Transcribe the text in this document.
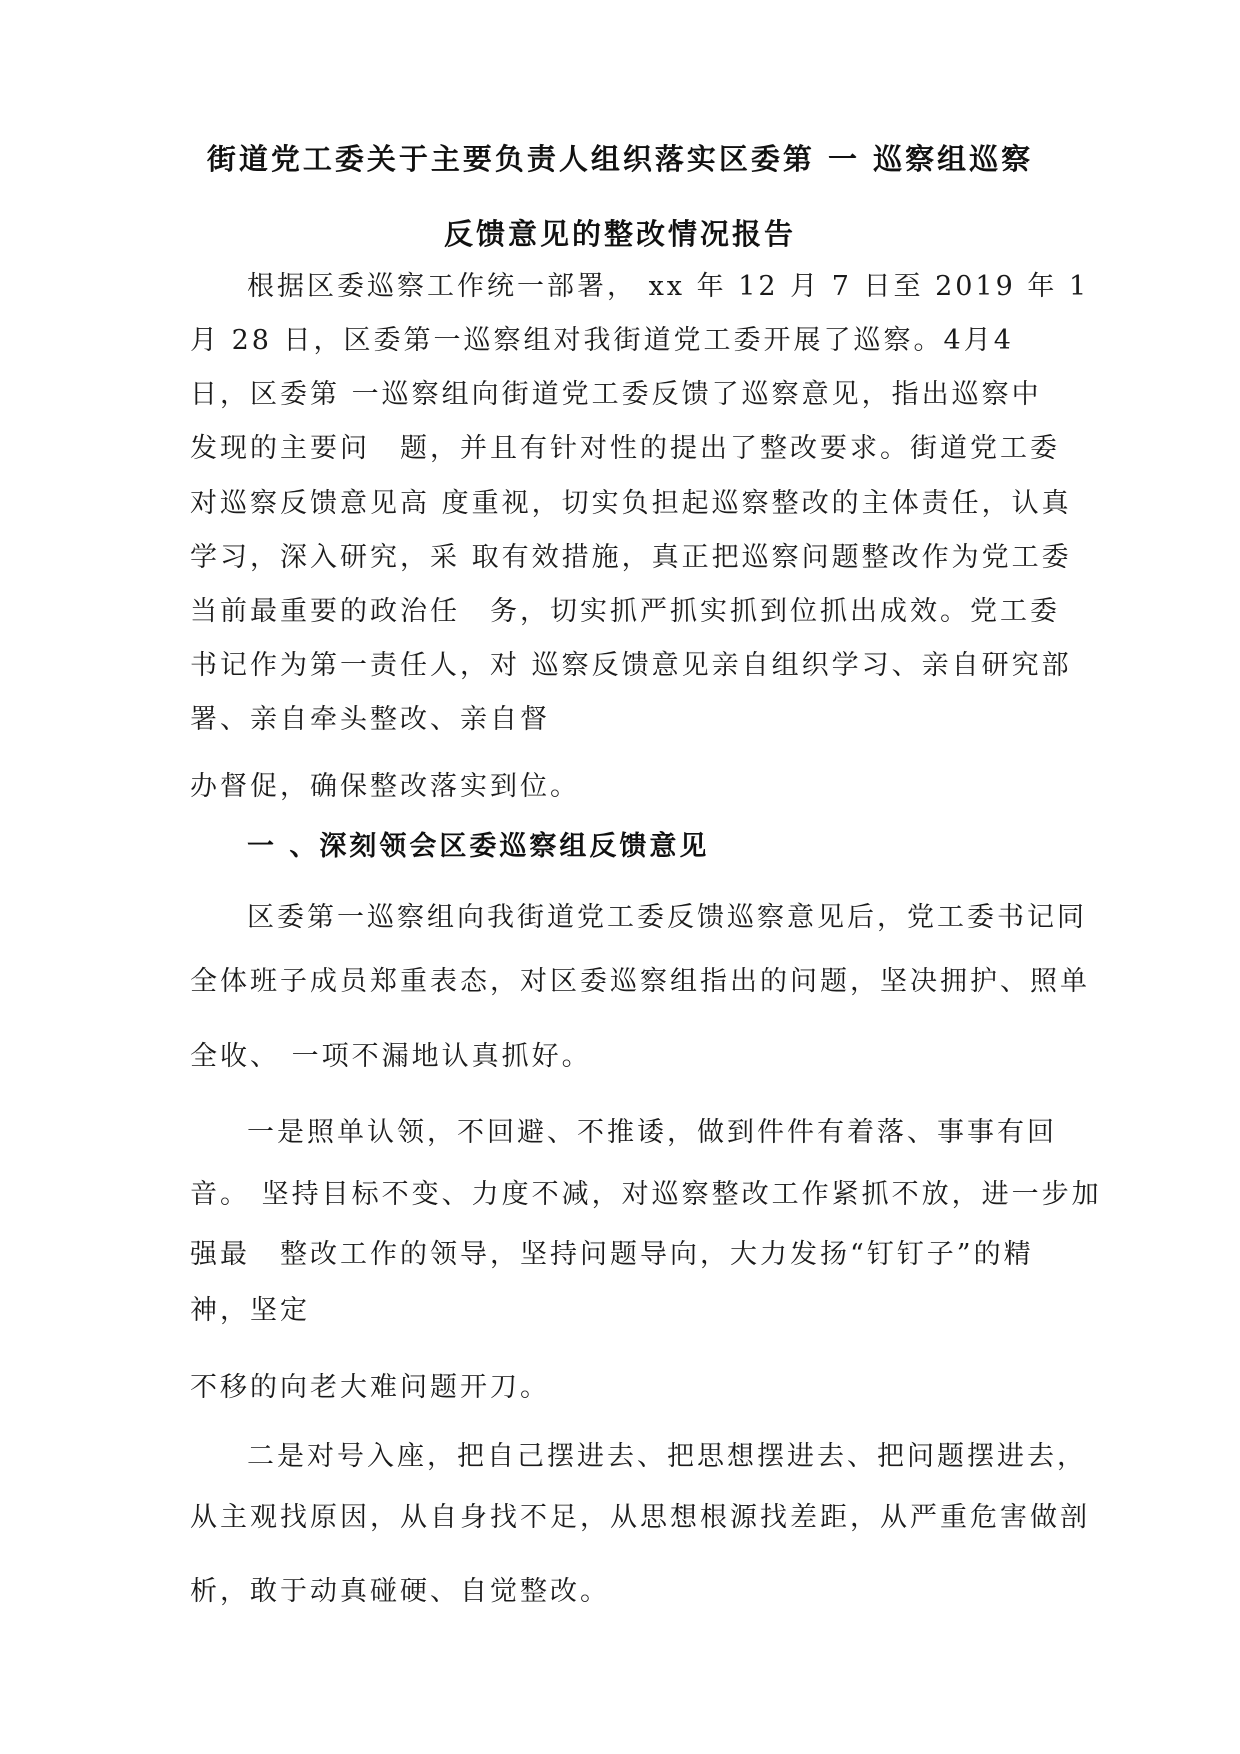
街道党工委关于主要负责人组织落实区委第 一 巡察组巡察
反馈意见的整改情况报告
根据区委巡察工作统一部署， xx 年 12 月 7 日至 2019 年 1
月 28 日，区委第一巡察组对我街道党工委开展了巡察。4月4
日，区委第 一巡察组向街道党工委反馈了巡察意见，指出巡察中
发现的主要问　题，并且有针对性的提出了整改要求。街道党工委
对巡察反馈意见高 度重视，切实负担起巡察整改的主体责任，认真
学习，深入研究，采 取有效措施，真正把巡察问题整改作为党工委
当前最重要的政治任　务，切实抓严抓实抓到位抓出成效。党工委
书记作为第一责任人，对 巡察反馈意见亲自组织学习、亲自研究部
署、亲自牵头整改、亲自督
办督促，确保整改落实到位。
一 、深刻领会区委巡察组反馈意见
区委第一巡察组向我街道党工委反馈巡察意见后，党工委书记同
全体班子成员郑重表态，对区委巡察组指出的问题，坚决拥护、照单
全收、 一项不漏地认真抓好。
一是照单认领，不回避、不推诿，做到件件有着落、事事有回
音。 坚持目标不变、力度不减，对巡察整改工作紧抓不放，进一步加
强最　整改工作的领导，坚持问题导向，大力发扬“钉钉子”的精
神，坚定
不移的向老大难问题开刀。
二是对号入座，把自己摆进去、把思想摆进去、把问题摆进去，
从主观找原因，从自身找不足，从思想根源找差距，从严重危害做剖
析，敢于动真碰硬、自觉整改。
